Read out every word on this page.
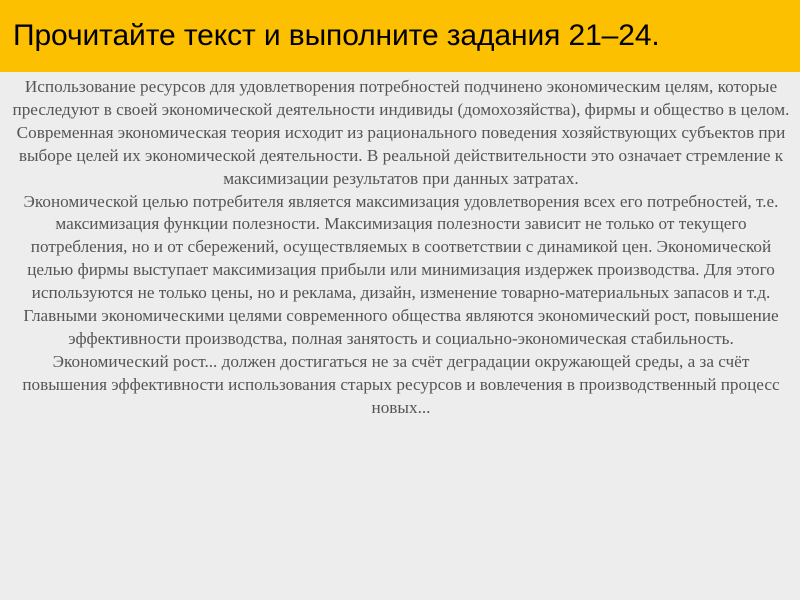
Прочитайте текст и выполните задания 21–24.

Использование ресурсов для удовлетворения потребностей подчинено экономическим целям, которые преследуют в своей экономической деятельности индивиды (домохозяйства), фирмы и общество в целом. Современная экономическая теория исходит из рационального поведения хозяйствующих субъектов при выборе целей их экономической деятельности. В реальной действительности это означает стремление к максимизации результатов при данных затратах.

Экономической целью потребителя является максимизация удовлетворения всех его потребностей, т.е. максимизация функции полезности. Максимизация полезности зависит не только от текущего потребления, но и от сбережений, осуществляемых в соответствии с динамикой цен. Экономической целью фирмы выступает максимизация прибыли или минимизация издержек производства. Для этого используются не только цены, но и реклама, дизайн, изменение товарно-материальных запасов и т.д. Главными экономическими целями современного общества являются экономический рост, повышение эффективности производства, полная занятость и социально-экономическая стабильность.

Экономический рост... должен достигаться не за счёт деградации окружающей среды, а за счёт повышения эффективности использования старых ресурсов и вовлечения в производственный процесс новых...
